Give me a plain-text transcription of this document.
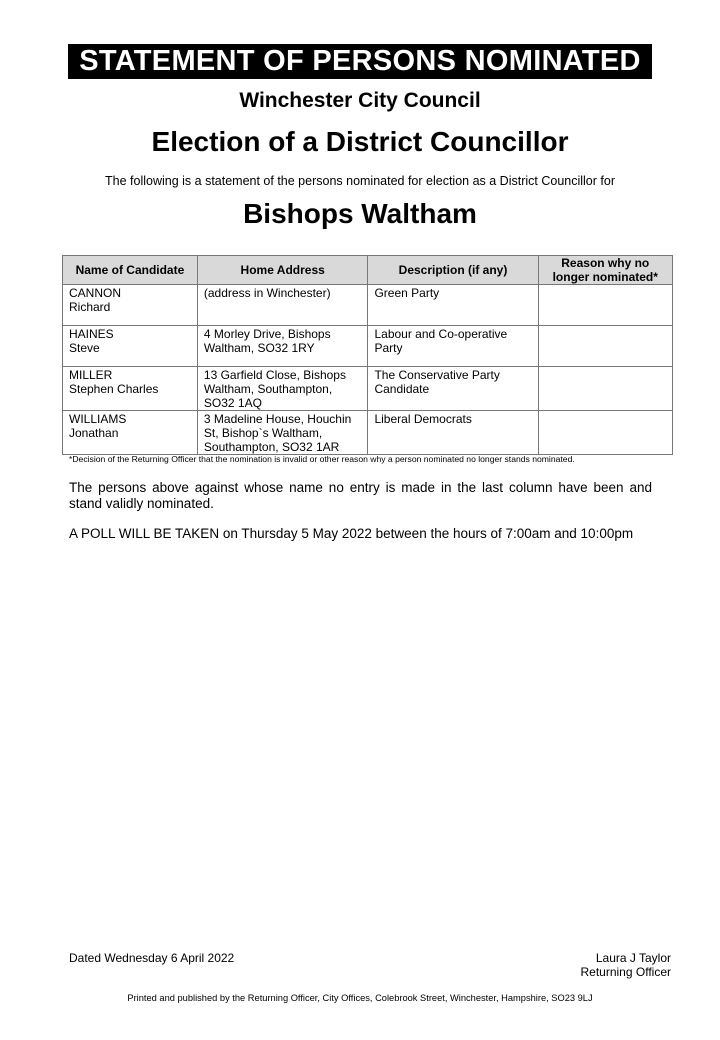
STATEMENT OF PERSONS NOMINATED
Winchester City Council
Election of a District Councillor
The following is a statement of the persons nominated for election as a District Councillor for
Bishops Waltham
Name of Candidate	Home Address	Description (if any)	Reason why no longer nominated*
CANNON
Richard	(address in Winchester)	Green Party	
HAINES
Steve	4 Morley Drive, Bishops Waltham, SO32 1RY	Labour and Co-operative Party	
MILLER
Stephen Charles	13 Garfield Close, Bishops Waltham, Southampton, SO32 1AQ	The Conservative Party Candidate	
WILLIAMS
Jonathan	3 Madeline House, Houchin St, Bishop`s Waltham, Southampton, SO32 1AR	Liberal Democrats	
*Decision of the Returning Officer that the nomination is invalid or other reason why a person nominated no longer stands nominated.
The persons above against whose name no entry is made in the last column have been and stand validly nominated.
A POLL WILL BE TAKEN on Thursday 5 May 2022 between the hours of 7:00am and 10:00pm
Dated Wednesday 6 April 2022	Laura J Taylor
Returning Officer
Printed and published by the Returning Officer, City Offices, Colebrook Street, Winchester, Hampshire, SO23 9LJ
